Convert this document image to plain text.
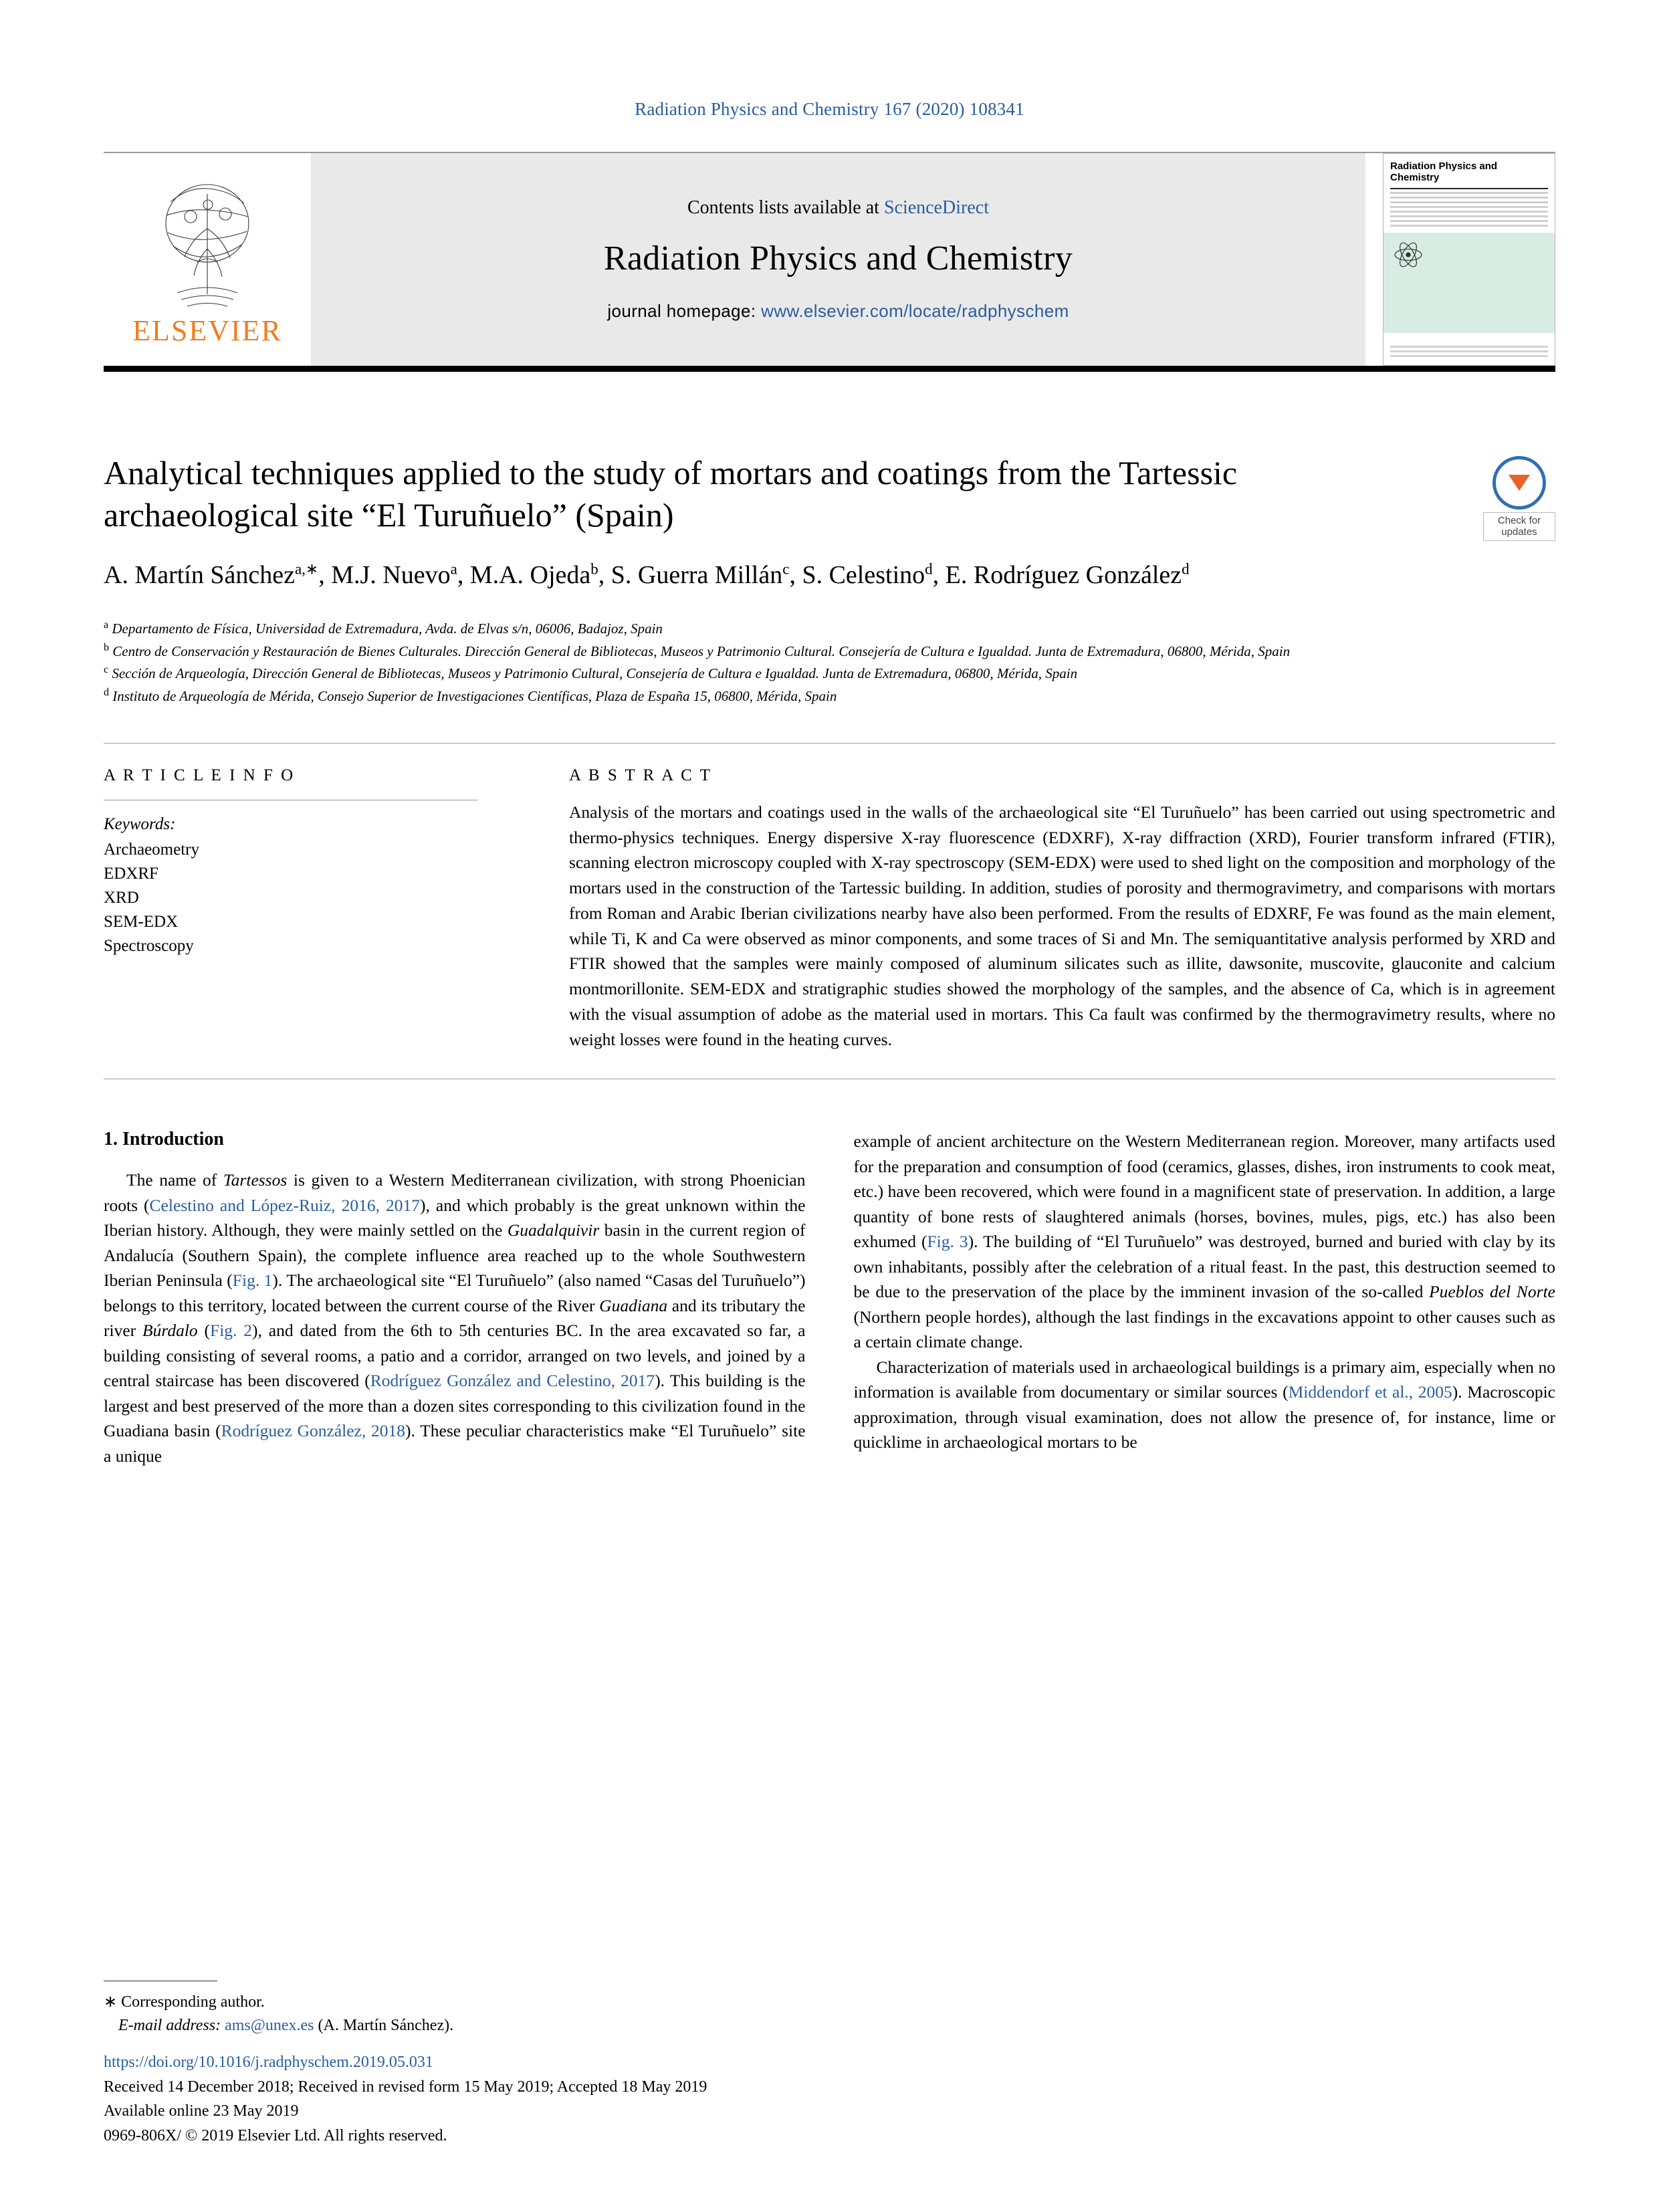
Radiation Physics and Chemistry 167 (2020) 108341
ELSEVIER
Contents lists available at ScienceDirect
Radiation Physics and Chemistry
journal homepage: www.elsevier.com/locate/radphyschem
Radiation Physics and Chemistry
Analytical techniques applied to the study of mortars and coatings from the Tartessic archaeological site “El Turuñuelo” (Spain)	Check for updates
A. Martín Sánchez$^{a,∗}$, M.J. Nuevo$^a$, M.A. Ojeda$^b$, S. Guerra Millán$^c$, S. Celestino$^d$, E. Rodríguez González$^d$
$^a$ Departamento de Física, Universidad de Extremadura, Avda. de Elvas s/n, 06006, Badajoz, Spain
$^b$ Centro de Conservación y Restauración de Bienes Culturales. Dirección General de Bibliotecas, Museos y Patrimonio Cultural. Consejería de Cultura e Igualdad. Junta de Extremadura, 06800, Mérida, Spain
$^c$ Sección de Arqueología, Dirección General de Bibliotecas, Museos y Patrimonio Cultural, Consejería de Cultura e Igualdad. Junta de Extremadura, 06800, Mérida, Spain
$^d$ Instituto de Arqueología de Mérida, Consejo Superior de Investigaciones Científicas, Plaza de España 15, 06800, Mérida, Spain
A R T I C L E I N F O
Keywords:
Archaeometry
EDXRF
XRD
SEM-EDX
Spectroscopy
A B S T R A C T
Analysis of the mortars and coatings used in the walls of the archaeological site “El Turuñuelo” has been carried out using spectrometric and thermo-physics techniques. Energy dispersive X-ray fluorescence (EDXRF), X-ray diffraction (XRD), Fourier transform infrared (FTIR), scanning electron microscopy coupled with X-ray spectroscopy (SEM-EDX) were used to shed light on the composition and morphology of the mortars used in the construction of the Tartessic building. In addition, studies of porosity and thermogravimetry, and comparisons with mortars from Roman and Arabic Iberian civilizations nearby have also been performed. From the results of EDXRF, Fe was found as the main element, while Ti, K and Ca were observed as minor components, and some traces of Si and Mn. The semiquantitative analysis performed by XRD and FTIR showed that the samples were mainly composed of aluminum silicates such as illite, dawsonite, muscovite, glauconite and calcium montmorillonite. SEM-EDX and stratigraphic studies showed the morphology of the samples, and the absence of Ca, which is in agreement with the visual assumption of adobe as the material used in mortars. This Ca fault was confirmed by the thermogravimetry results, where no weight losses were found in the heating curves.
1. Introduction

The name of Tartessos is given to a Western Mediterranean civilization, with strong Phoenician roots (Celestino and López-Ruiz, 2016, 2017), and which probably is the great unknown within the Iberian history. Although, they were mainly settled on the Guadalquivir basin in the current region of Andalucía (Southern Spain), the complete influence area reached up to the whole Southwestern Iberian Peninsula (Fig. 1). The archaeological site “El Turuñuelo” (also named “Casas del Turuñuelo”) belongs to this territory, located between the current course of the River Guadiana and its tributary the river Búrdalo (Fig. 2), and dated from the 6th to 5th centuries BC. In the area excavated so far, a building consisting of several rooms, a patio and a corridor, arranged on two levels, and joined by a central staircase has been discovered (Rodríguez González and Celestino, 2017). This building is the largest and best preserved of the more than a dozen sites corresponding to this civilization found in the Guadiana basin (Rodríguez González, 2018). These peculiar characteristics make “El Turuñuelo” site a unique

example of ancient architecture on the Western Mediterranean region. Moreover, many artifacts used for the preparation and consumption of food (ceramics, glasses, dishes, iron instruments to cook meat, etc.) have been recovered, which were found in a magnificent state of preservation. In addition, a large quantity of bone rests of slaughtered animals (horses, bovines, mules, pigs, etc.) has also been exhumed (Fig. 3). The building of “El Turuñuelo” was destroyed, burned and buried with clay by its own inhabitants, possibly after the celebration of a ritual feast. In the past, this destruction seemed to be due to the preservation of the place by the imminent invasion of the so-called Pueblos del Norte (Northern people hordes), although the last findings in the excavations appoint to other causes such as a certain climate change.

Characterization of materials used in archaeological buildings is a primary aim, especially when no information is available from documentary or similar sources (Middendorf et al., 2005). Macroscopic approximation, through visual examination, does not allow the presence of, for instance, lime or quicklime in archaeological mortars to be

∗ Corresponding author.
E-mail address: ams@unex.es (A. Martín Sánchez).
https://doi.org/10.1016/j.radphyschem.2019.05.031
Received 14 December 2018; Received in revised form 15 May 2019; Accepted 18 May 2019
Available online 23 May 2019
0969-806X/ © 2019 Elsevier Ltd. All rights reserved.
